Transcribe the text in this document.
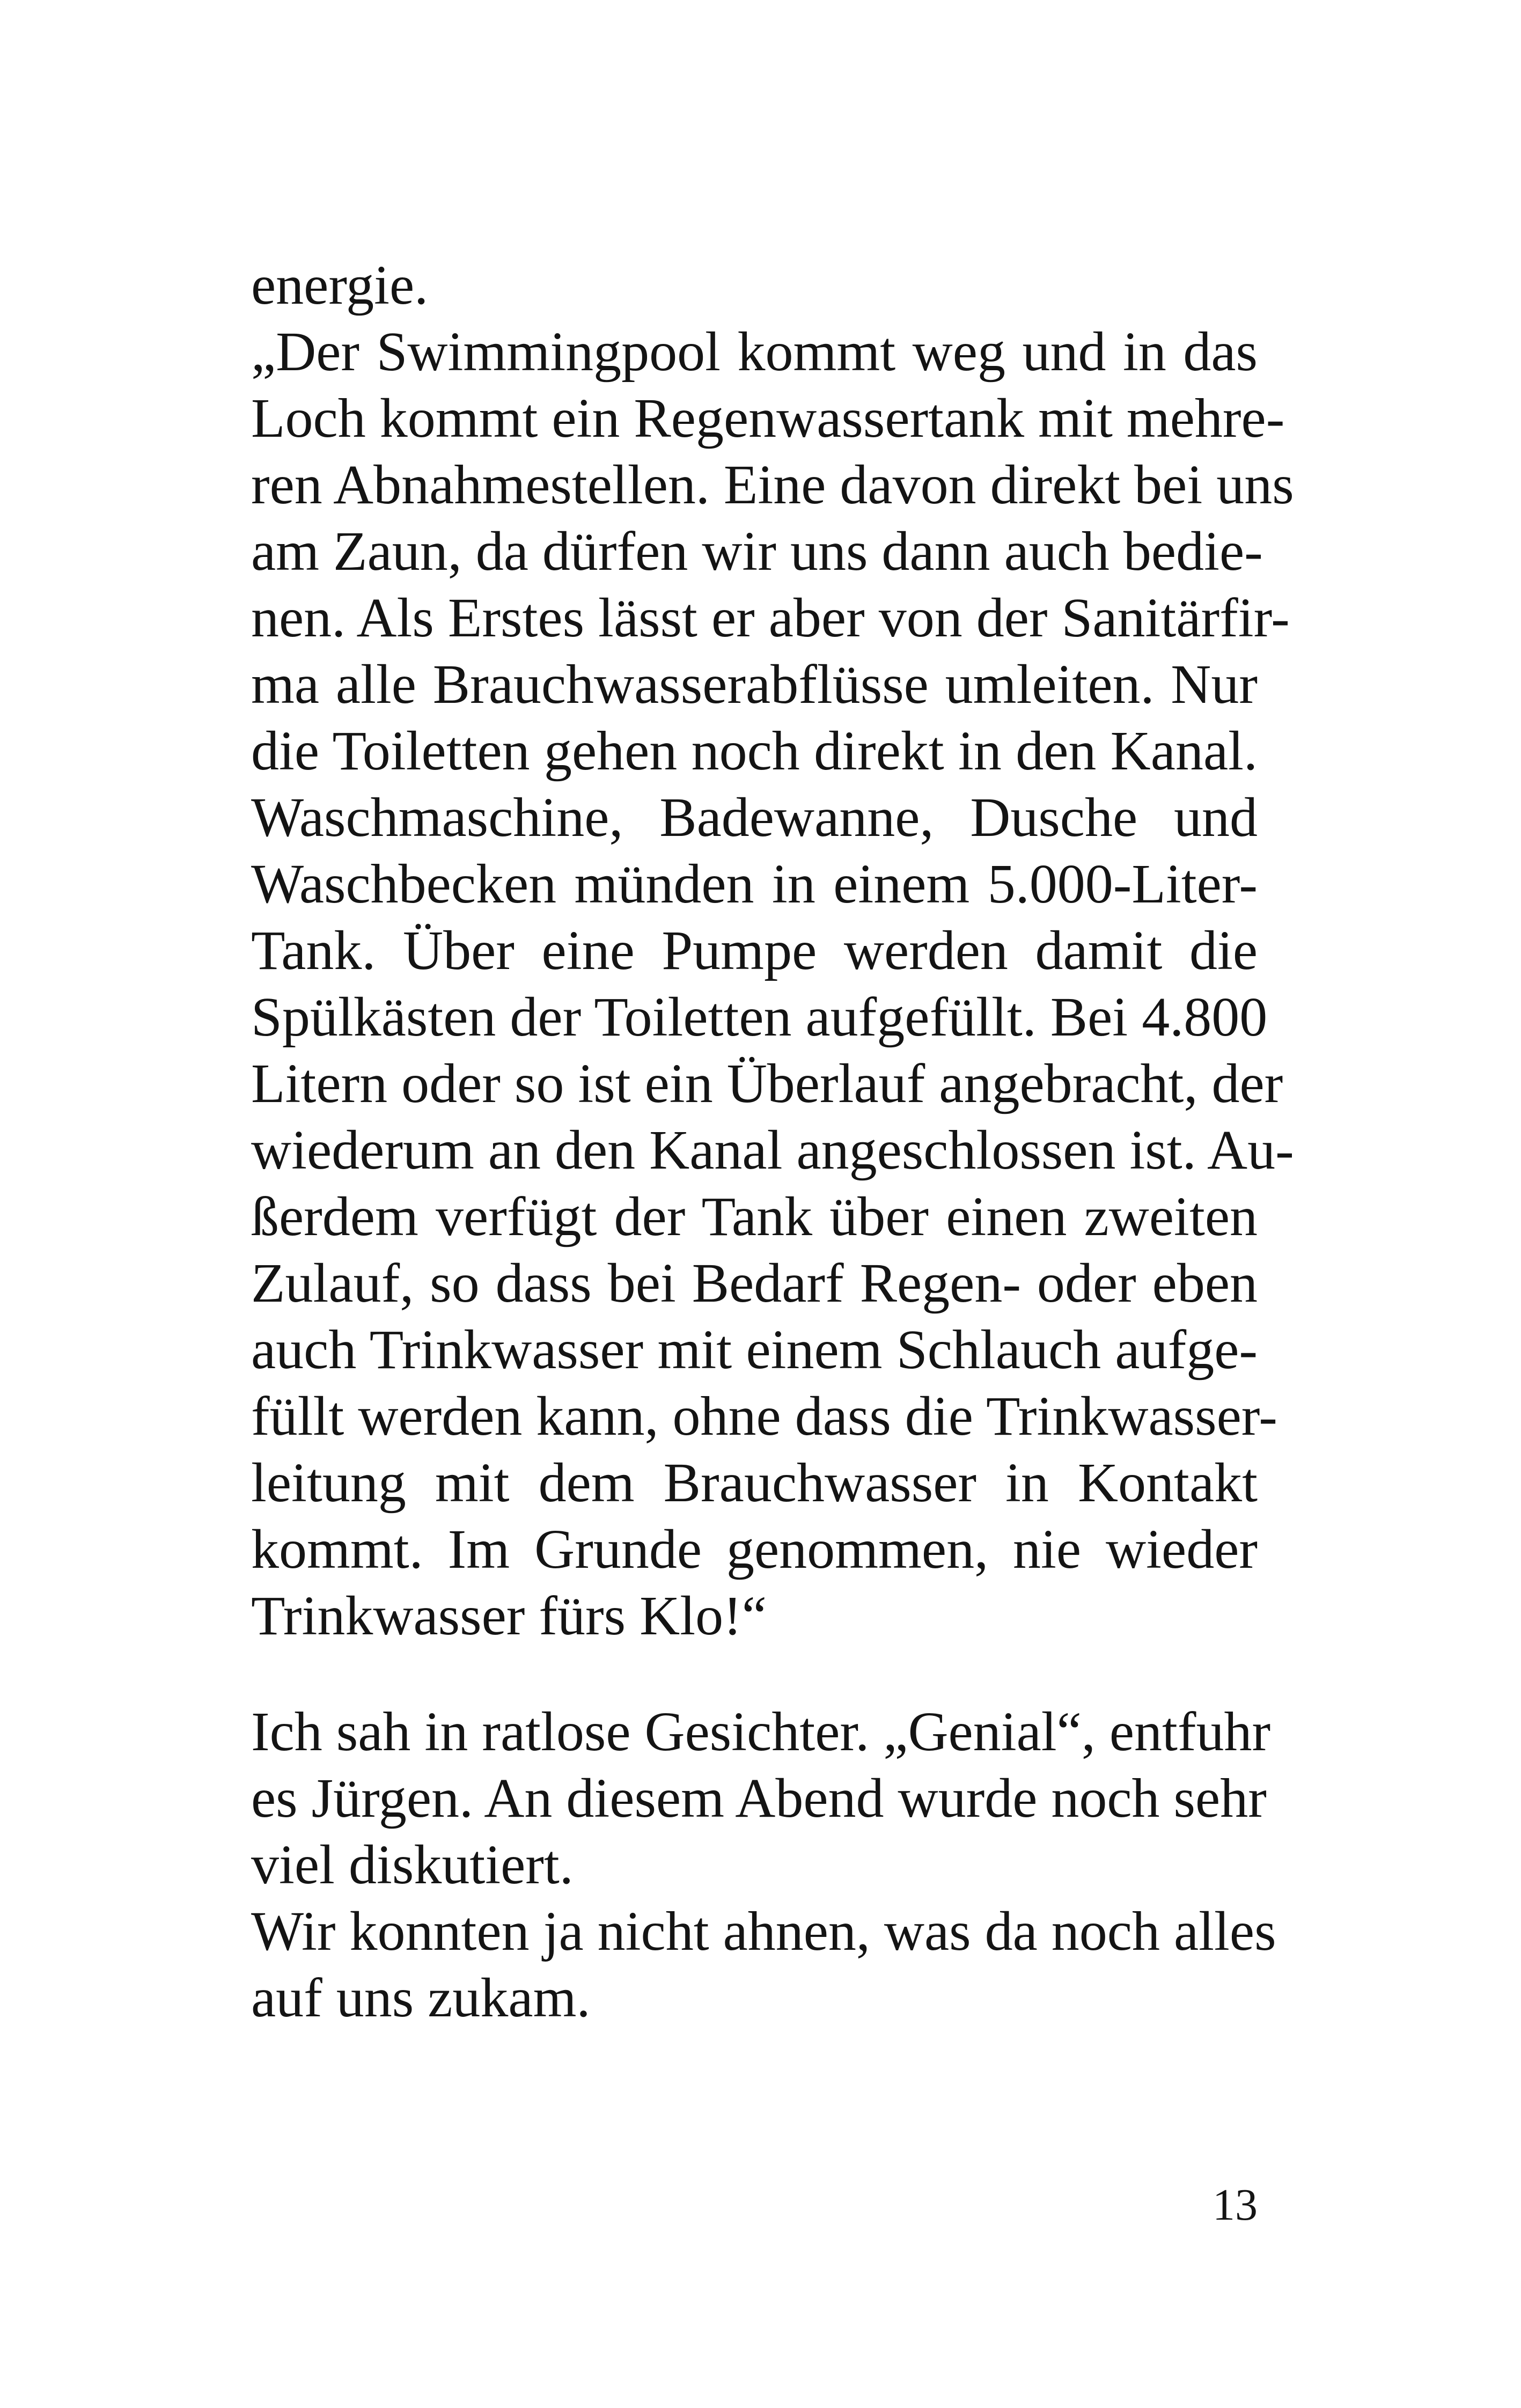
energie.
„Der Swimmingpool kommt weg und in das
Loch kommt ein Regenwassertank mit mehre-
ren Abnahmestellen. Eine davon direkt bei uns
am Zaun, da dürfen wir uns dann auch bedie-
nen. Als Erstes lässt er aber von der Sanitärfir-
ma alle Brauchwasserabflüsse umleiten. Nur
die Toiletten gehen noch direkt in den Kanal.
Waschmaschine, Badewanne, Dusche und
Waschbecken münden in einem 5.000-Liter-
Tank. Über eine Pumpe werden damit die
Spülkästen der Toiletten aufgefüllt. Bei 4.800
Litern oder so ist ein Überlauf angebracht, der
wiederum an den Kanal angeschlossen ist. Au-
ßerdem verfügt der Tank über einen zweiten
Zulauf, so dass bei Bedarf Regen- oder eben
auch Trinkwasser mit einem Schlauch aufge-
füllt werden kann, ohne dass die Trinkwasser-
leitung mit dem Brauchwasser in Kontakt
kommt. Im Grunde genommen, nie wieder
Trinkwasser fürs Klo!“
Ich sah in ratlose Gesichter. „Genial“, entfuhr
es Jürgen. An diesem Abend wurde noch sehr
viel diskutiert.
Wir konnten ja nicht ahnen, was da noch alles
auf uns zukam.
13
